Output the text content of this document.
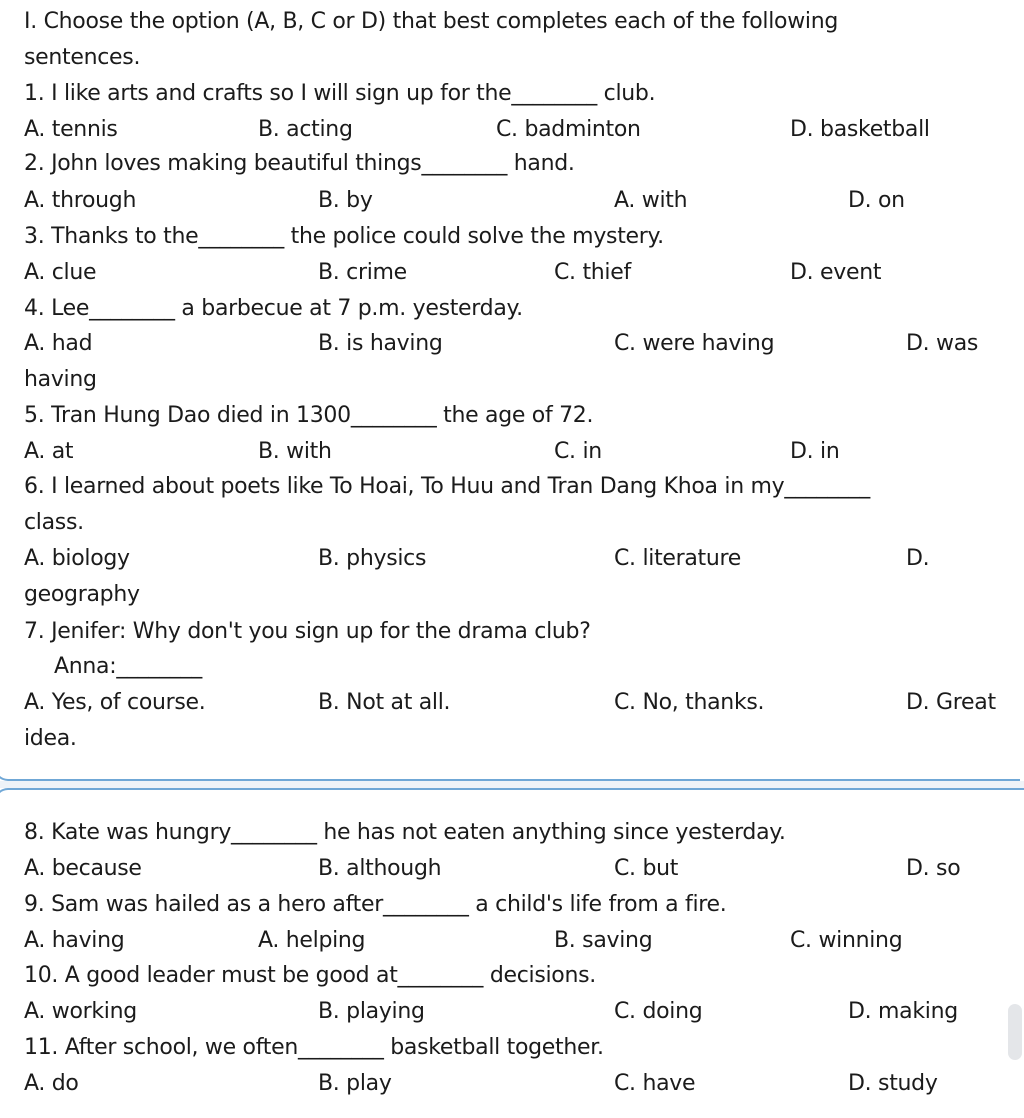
I. Choose the option (A, B, C or D) that best completes each of the following
sentences.
1. I like arts and crafts so I will sign up for the________ club.
A. tennis	B. acting	C. badminton	D. basketball
2. John loves making beautiful things________ hand.
A. through	B. by	A. with	D. on
3. Thanks to the________ the police could solve the mystery.
A. clue	B. crime	C. thief	D. event
4. Lee________ a barbecue at 7 p.m. yesterday.
A. had	B. is having	C. were having	D. was
having
5. Tran Hung Dao died in 1300________ the age of 72.
A. at	B. with	C. in	D. in
6. I learned about poets like To Hoai, To Huu and Tran Dang Khoa in my________
class.
A. biology	B. physics	C. literature	D.
geography
7. Jenifer: Why don't you sign up for the drama club?
Anna:________
A. Yes, of course.	B. Not at all.	C. No, thanks.	D. Great
idea.
8. Kate was hungry________ he has not eaten anything since yesterday.
A. because	B. although	C. but	D. so
9. Sam was hailed as a hero after________ a child's life from a fire.
A. having	A. helping	B. saving	C. winning
10. A good leader must be good at________ decisions.
A. working	B. playing	C. doing	D. making
11. After school, we often________ basketball together.
A. do	B. play	C. have	D. study
